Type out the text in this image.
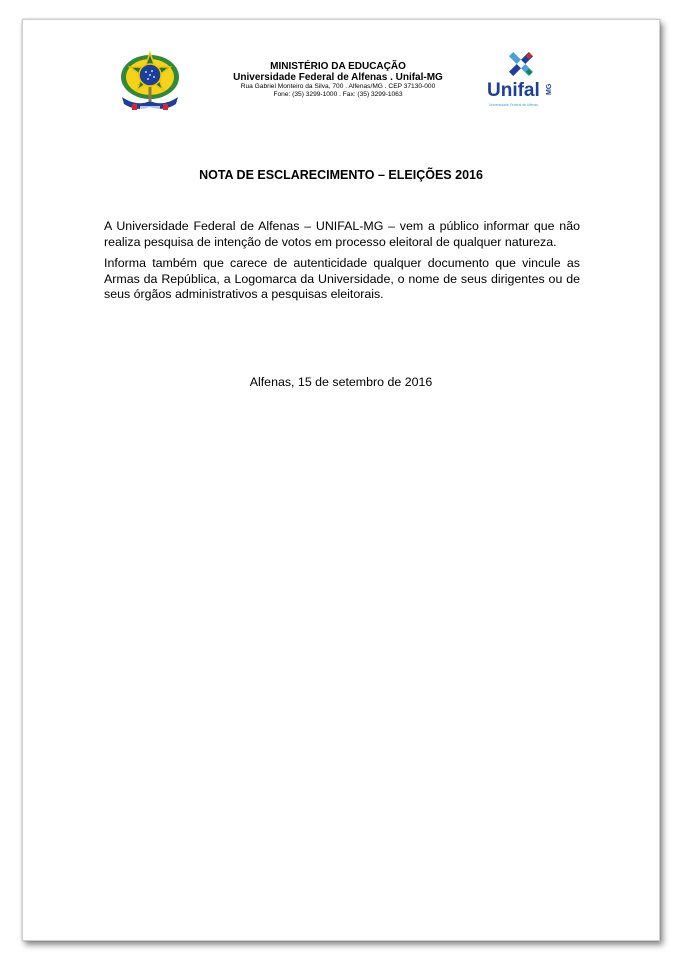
MINISTÉRIO DA EDUCAÇÃO
Universidade Federal de Alfenas . Unifal-MG
Rua Gabriel Monteiro da Silva, 700 . Alfenas/MG . CEP 37130-000
Fone: (35) 3299-1000 . Fax: (35) 3299-1063	Unifal MG
Universidade Federal de Alfenas
NOTA DE ESCLARECIMENTO – ELEIÇÕES 2016

A Universidade Federal de Alfenas – UNIFAL-MG – vem a público informar que não realiza pesquisa de intenção de votos em processo eleitoral de qualquer natureza.

Informa também que carece de autenticidade qualquer documento que vincule as Armas da República, a Logomarca da Universidade, o nome de seus dirigentes ou de seus órgãos administrativos a pesquisas eleitorais.

Alfenas, 15 de setembro de 2016
